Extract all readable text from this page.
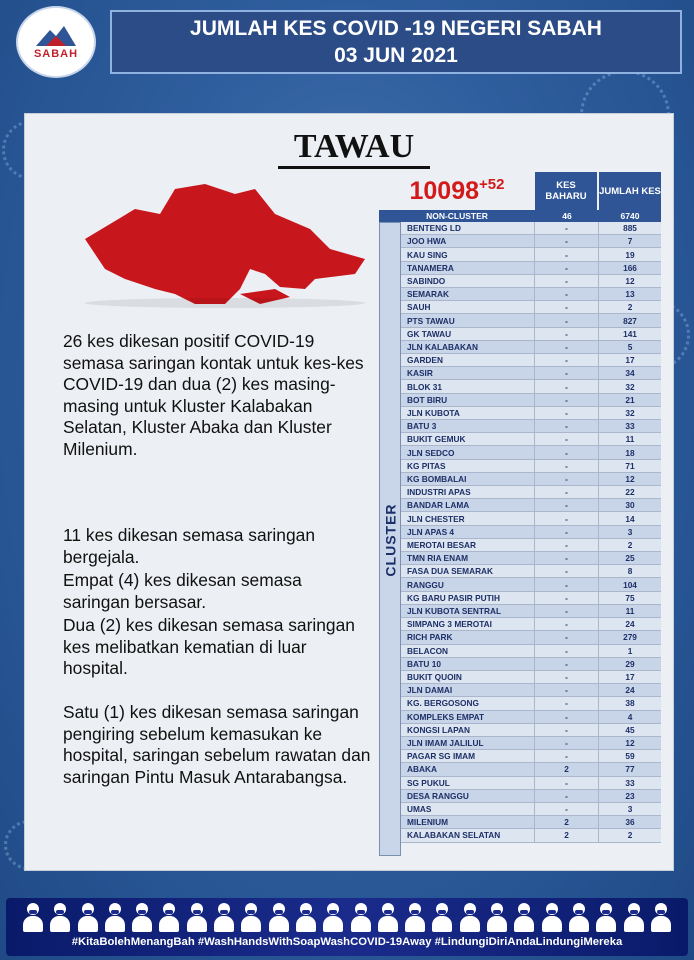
SABAH
JUMLAH KES COVID -19 NEGERI SABAH
03 JUN 2021
TAWAU
$10098^{+52}$	KES BAHARU	JUMLAH KES
NON-CLUSTER	46	6740
CLUSTER
BENTENG LD	-	885
JOO HWA	-	7
KAU SING	-	19
TANAMERA	-	166
SABINDO	-	12
SEMARAK	-	13
SAUH	-	2
PTS TAWAU	-	827
GK TAWAU	-	141
JLN KALABAKAN	-	5
GARDEN	-	17
KASIR	-	34
BLOK 31	-	32
BOT BIRU	-	21
JLN KUBOTA	-	32
BATU 3	-	33
BUKIT GEMUK	-	11
JLN SEDCO	-	18
KG PITAS	-	71
KG BOMBALAI	-	12
INDUSTRI APAS	-	22
BANDAR LAMA	-	30
JLN CHESTER	-	14
JLN APAS 4	-	3
MEROTAI BESAR	-	2
TMN RIA ENAM	-	25
FASA DUA SEMARAK	-	8
RANGGU	-	104
KG BARU PASIR PUTIH	-	75
JLN KUBOTA SENTRAL	-	11
SIMPANG 3 MEROTAI	-	24
RICH PARK	-	279
BELACON	-	1
BATU 10	-	29
BUKIT QUOIN	-	17
JLN DAMAI	-	24
KG. BERGOSONG	-	38
KOMPLEKS EMPAT	-	4
KONGSI LAPAN	-	45
JLN IMAM JALILUL	-	12
PAGAR SG IMAM	-	59
ABAKA	2	77
SG PUKUL	-	33
DESA RANGGU	-	23
UMAS	-	3
MILENIUM	2	36
KALABAKAN SELATAN	2	2
26 kes dikesan positif COVID-19 semasa saringan kontak untuk kes-kes COVID-19 dan dua (2) kes masing-masing untuk Kluster Kalabakan Selatan, Kluster Abaka dan Kluster Milenium.
11 kes dikesan semasa saringan bergejala.
Empat (4) kes dikesan semasa saringan bersasar.
Dua (2) kes dikesan semasa saringan kes melibatkan kematian di luar hospital.
Satu (1) kes dikesan semasa saringan pengiring sebelum kemasukan ke hospital, saringan sebelum rawatan dan saringan Pintu Masuk Antarabangsa.
#KitaBolehMenangBah #WashHandsWithSoapWashCOVID-19Away #LindungiDiriAndaLindungiMereka
